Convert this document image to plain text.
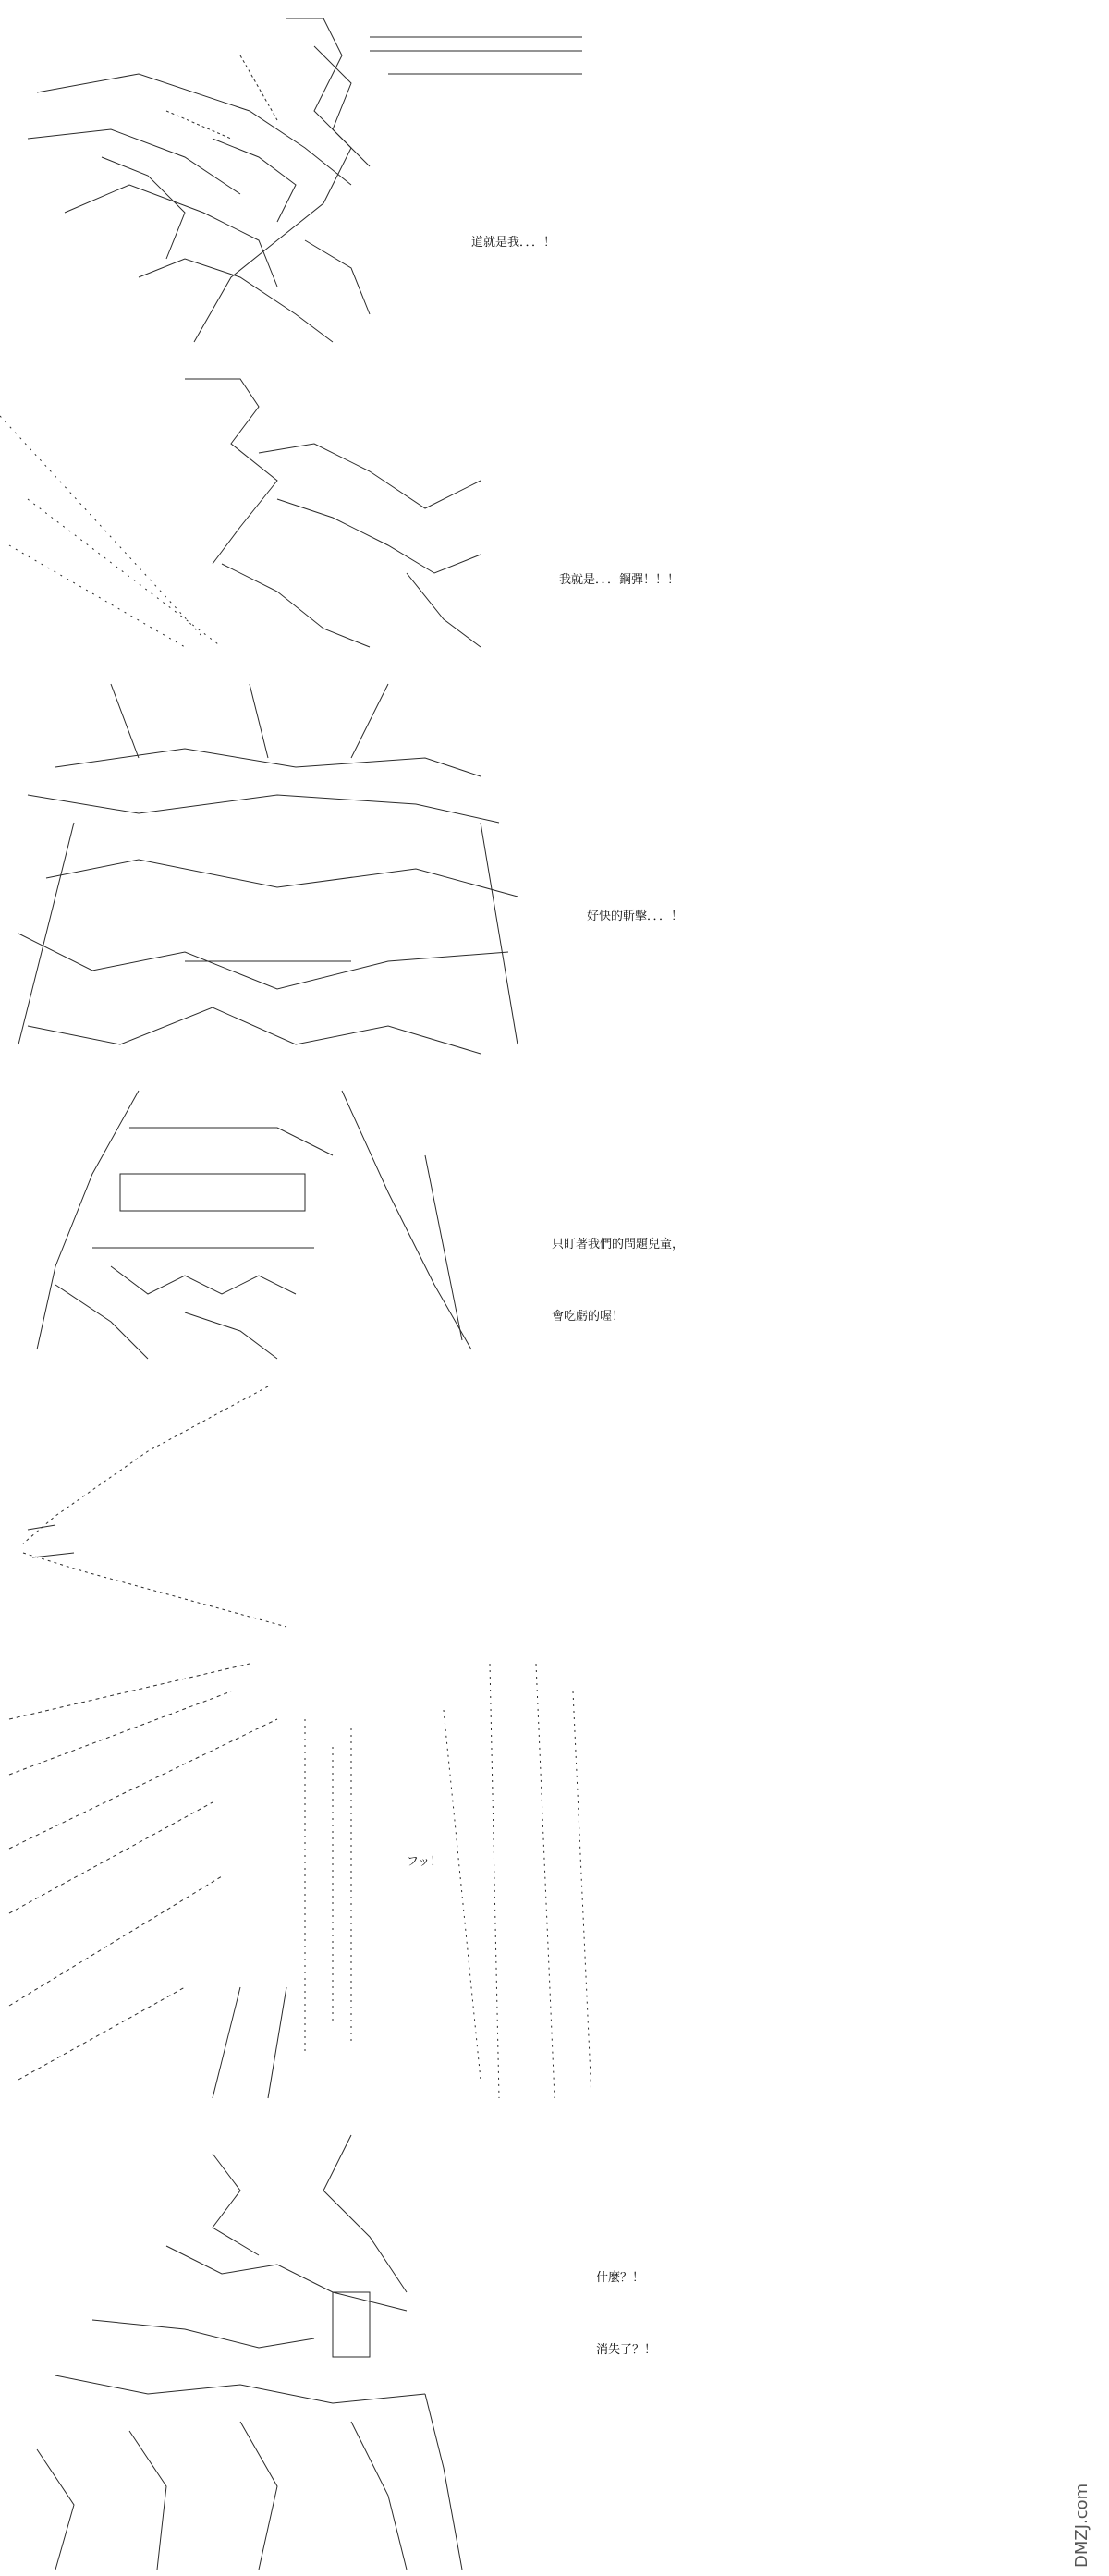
道就是我．．．！

我就是．．．鋼彈！！！

好快的斬擊．．．！

只盯著我們的問題兒童，

會吃虧的喔！

フッ！

什麼？！

消失了？！

DMZJ.com
